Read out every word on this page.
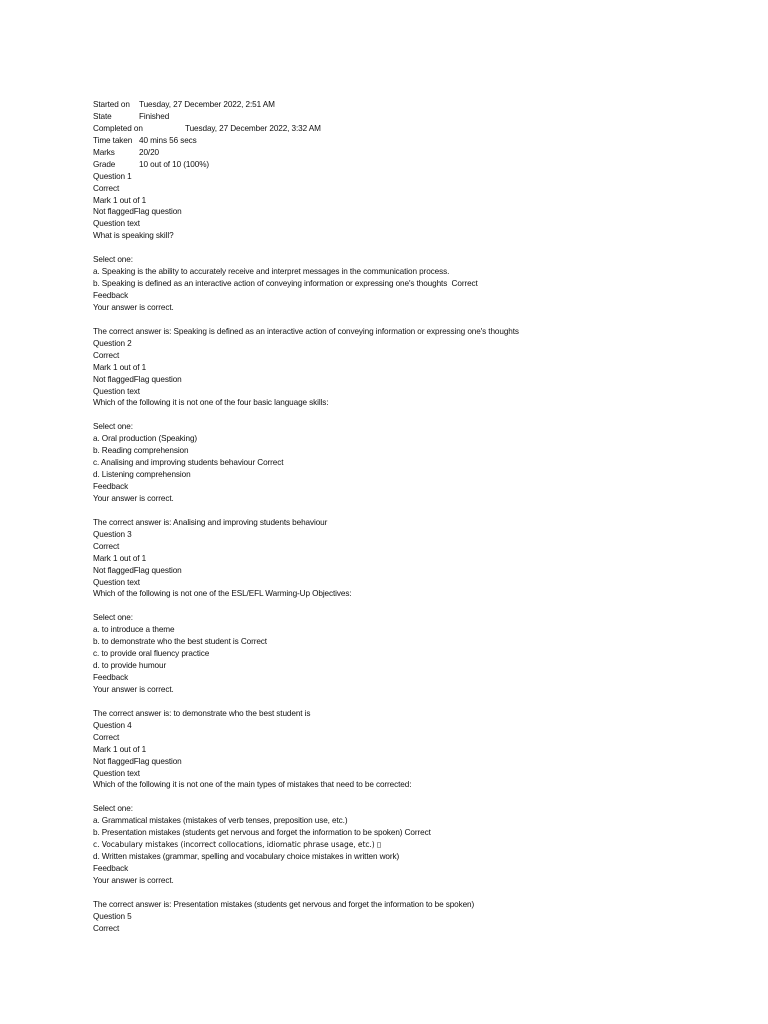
Started on	Tuesday, 27 December 2022, 2:51 AM
State	Finished
Completed on	Tuesday, 27 December 2022, 3:32 AM
Time taken 40 mins 56 secs
Marks	20/20
Grade	10 out of 10 (100%)
Question 1
Correct
Mark 1 out of 1
Not flaggedFlag question
Question text
What is speaking skill?
Select one:
a. Speaking is the ability to accurately receive and interpret messages in the communication process.
b. Speaking is defined as an interactive action of conveying information or expressing one's thoughts  Correct
Feedback
Your answer is correct.
The correct answer is: Speaking is defined as an interactive action of conveying information or expressing one's thoughts
Question 2
Correct
Mark 1 out of 1
Not flaggedFlag question
Question text
Which of the following it is not one of the four basic language skills:
Select one:
a. Oral production (Speaking)
b. Reading comprehension
c. Analising and improving students behaviour Correct
d. Listening comprehension
Feedback
Your answer is correct.
The correct answer is: Analising and improving students behaviour
Question 3
Correct
Mark 1 out of 1
Not flaggedFlag question
Question text
Which of the following is not one of the ESL/EFL Warming-Up Objectives:
Select one:
a. to introduce a theme
b. to demonstrate who the best student is Correct
c. to provide oral fluency practice
d. to provide humour
Feedback
Your answer is correct.
The correct answer is: to demonstrate who the best student is
Question 4
Correct
Mark 1 out of 1
Not flaggedFlag question
Question text
Which of the following it is not one of the main types of mistakes that need to be corrected:
Select one:
a. Grammatical mistakes (mistakes of verb tenses, preposition use, etc.)
b. Presentation mistakes (students get nervous and forget the information to be spoken) Correct
c. Vocabulary mistakes (incorrect collocations, idiomatic phrase usage, etc.) ▯
d. Written mistakes (grammar, spelling and vocabulary choice mistakes in written work)
Feedback
Your answer is correct.
The correct answer is: Presentation mistakes (students get nervous and forget the information to be spoken)
Question 5
Correct
